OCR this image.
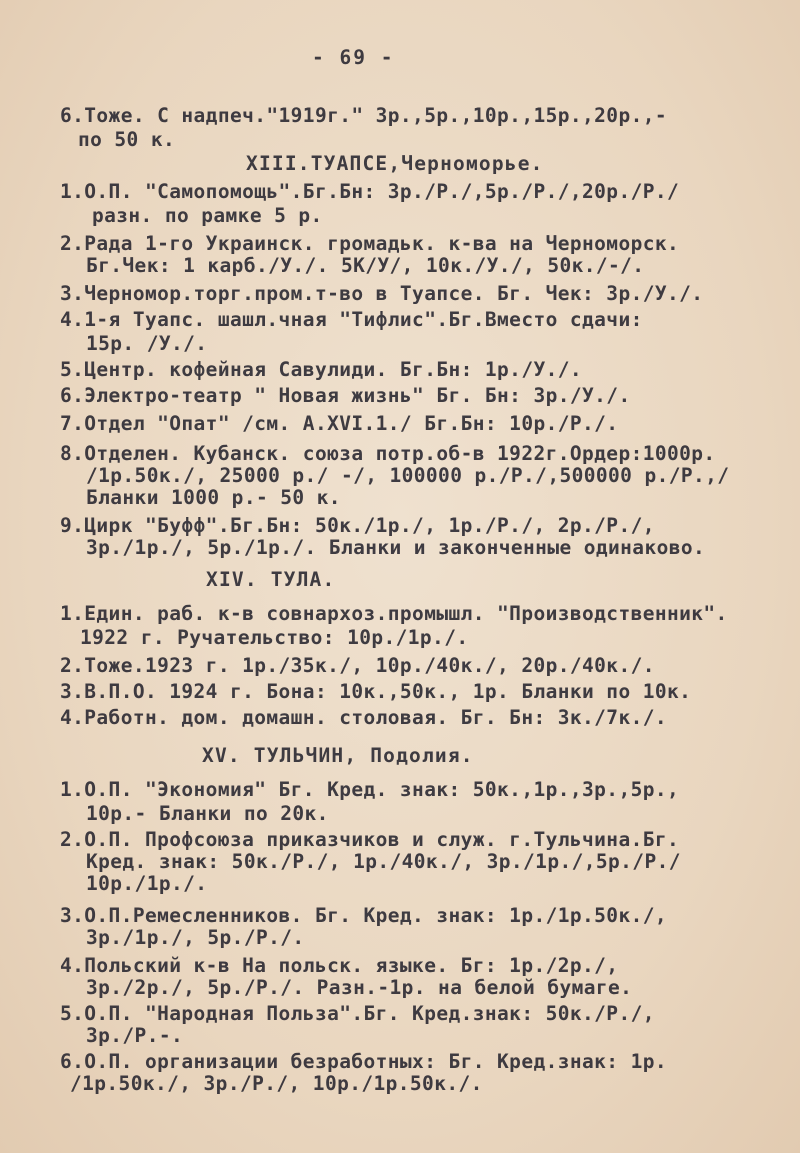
- 69 -
6.Тоже. С надпеч."1919г." 3р.,5р.,10р.,15р.,20р.,-
по 50 к.
XIII.ТУАПСЕ,Черноморье.
1.О.П. "Самопомощь".Бг.Бн: 3р./Р./,5р./Р./,20р./Р./
разн. по рамке 5 р.
2.Рада 1-го Украинск. громадьк. к-ва на Черноморск.
Бг.Чек: 1 карб./У./. 5К/У/, 10к./У./, 50к./-/.
3.Черномор.торг.пром.т-во в Туапсе. Бг. Чек: 3р./У./.
4.1-я Туапс. шашл.чная "Тифлис".Бг.Вместо сдачи:
15р. /У./.
5.Центр. кофейная Савулиди. Бг.Бн: 1р./У./.
6.Электро-театр " Новая жизнь" Бг. Бн: 3р./У./.
7.Отдел "Опат" /см. А.XVI.1./ Бг.Бн: 10р./Р./.
8.Отделен. Кубанск. союза потр.об-в 1922г.Ордер:1000р.
/1р.50к./, 25000 р./ -/, 100000 р./Р./,500000 р./Р.,/
Бланки 1000 р.- 50 к.
9.Цирк "Буфф".Бг.Бн: 50к./1р./, 1р./Р./, 2р./Р./,
3р./1р./, 5р./1р./. Бланки и законченные одинаково.
XIV. ТУЛА.
1.Един. раб. к-в совнархоз.промышл. "Производственник".
1922 г. Ручательство: 10р./1р./.
2.Тоже.1923 г. 1р./35к./, 10р./40к./, 20р./40к./.
3.В.П.О. 1924 г. Бона: 10к.,50к., 1р. Бланки по 10к.
4.Работн. дом. домашн. столовая. Бг. Бн: 3к./7к./.
XV. ТУЛЬЧИН, Подолия.
1.О.П. "Экономия" Бг. Кред. знак: 50к.,1р.,3р.,5р.,
10р.- Бланки по 20к.
2.О.П. Профсоюза приказчиков и служ. г.Тульчина.Бг.
Кред. знак: 50к./Р./, 1р./40к./, 3р./1р./,5р./Р./
10р./1р./.
3.О.П.Ремесленников. Бг. Кред. знак: 1р./1р.50к./,
3р./1р./, 5р./Р./.
4.Польский к-в На польск. языке. Бг: 1р./2р./,
3р./2р./, 5р./Р./. Разн.-1р. на белой бумаге.
5.О.П. "Народная Польза".Бг. Кред.знак: 50к./Р./,
3р./Р.-.
6.О.П. организации безработных: Бг. Кред.знак: 1р.
/1р.50к./, 3р./Р./, 10р./1р.50к./.
